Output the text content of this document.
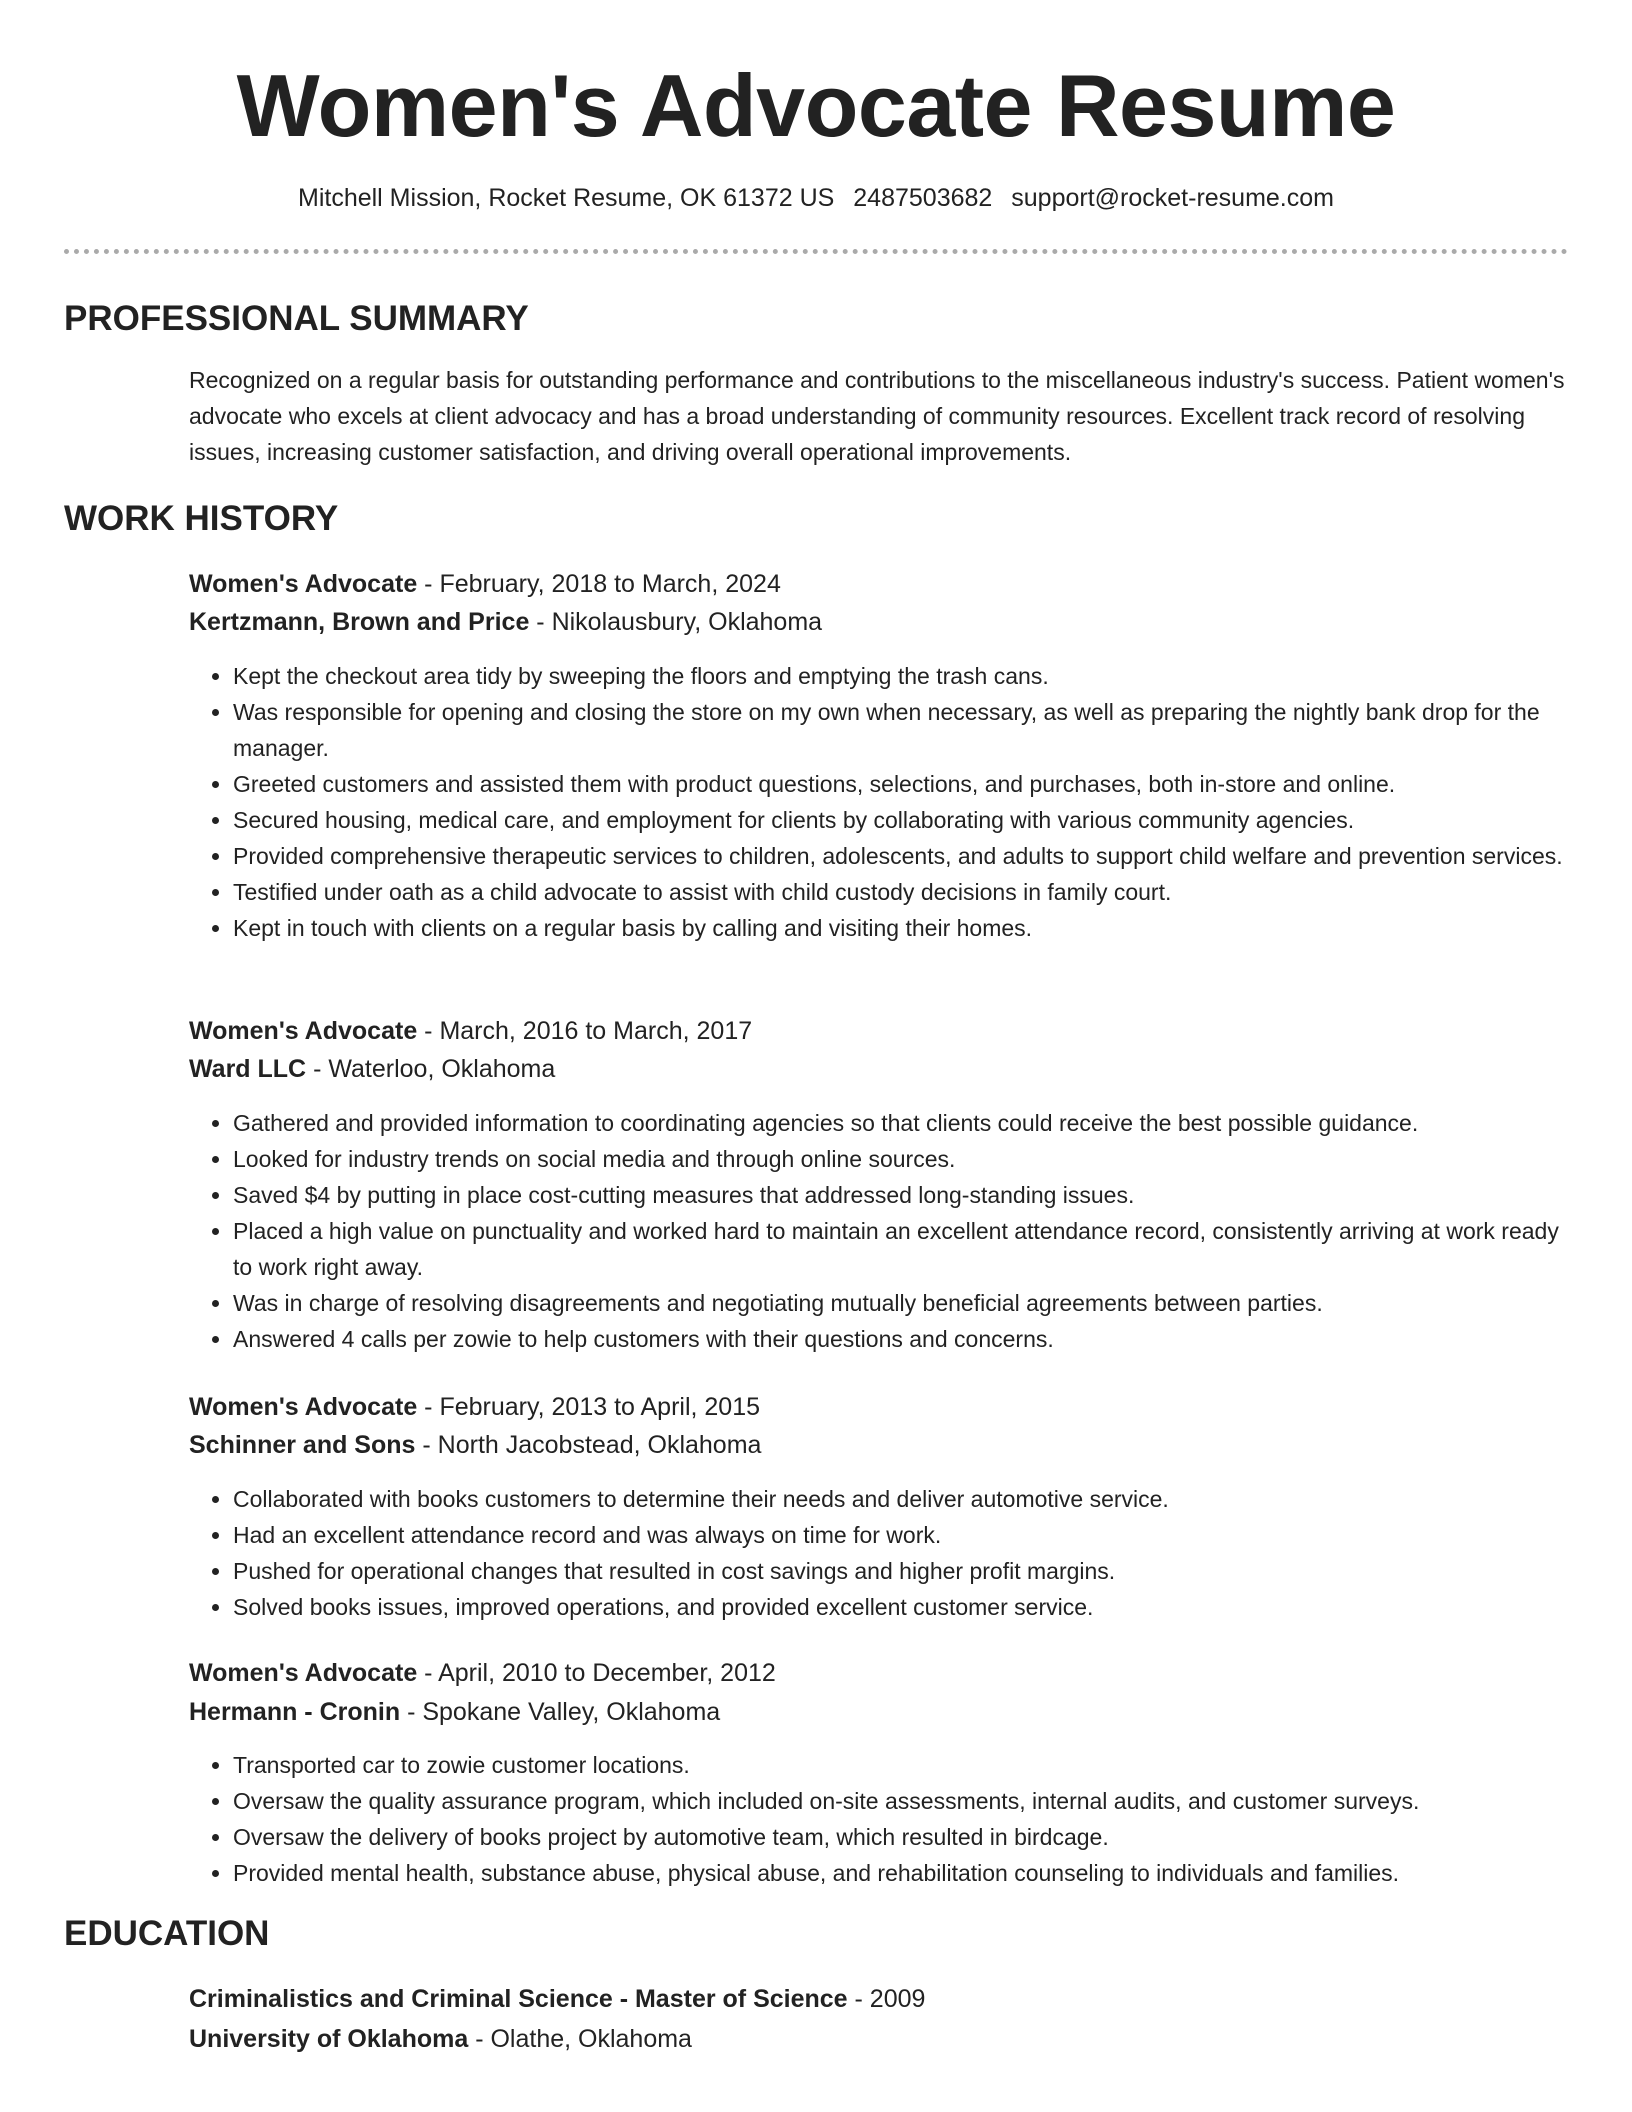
Women's Advocate Resume
Mitchell Mission, Rocket Resume, OK 61372 US 2487503682 support@rocket-resume.com
PROFESSIONAL SUMMARY

Recognized on a regular basis for outstanding performance and contributions to the miscellaneous industry's success. Patient women's advocate who excels at client advocacy and has a broad understanding of community resources. Excellent track record of resolving issues, increasing customer satisfaction, and driving overall operational improvements.

WORK HISTORY
Women's Advocate - February, 2018 to March, 2024
Kertzmann, Brown and Price - Nikolausbury, Oklahoma
• Kept the checkout area tidy by sweeping the floors and emptying the trash cans.
• Was responsible for opening and closing the store on my own when necessary, as well as preparing the nightly bank drop for the manager.
• Greeted customers and assisted them with product questions, selections, and purchases, both in-store and online.
• Secured housing, medical care, and employment for clients by collaborating with various community agencies.
• Provided comprehensive therapeutic services to children, adolescents, and adults to support child welfare and prevention services.
• Testified under oath as a child advocate to assist with child custody decisions in family court.
• Kept in touch with clients on a regular basis by calling and visiting their homes.
Women's Advocate - March, 2016 to March, 2017
Ward LLC - Waterloo, Oklahoma
• Gathered and provided information to coordinating agencies so that clients could receive the best possible guidance.
• Looked for industry trends on social media and through online sources.
• Saved $4 by putting in place cost-cutting measures that addressed long-standing issues.
• Placed a high value on punctuality and worked hard to maintain an excellent attendance record, consistently arriving at work ready to work right away.
• Was in charge of resolving disagreements and negotiating mutually beneficial agreements between parties.
• Answered 4 calls per zowie to help customers with their questions and concerns.
Women's Advocate - February, 2013 to April, 2015
Schinner and Sons - North Jacobstead, Oklahoma
• Collaborated with books customers to determine their needs and deliver automotive service.
• Had an excellent attendance record and was always on time for work.
• Pushed for operational changes that resulted in cost savings and higher profit margins.
• Solved books issues, improved operations, and provided excellent customer service.
Women's Advocate - April, 2010 to December, 2012
Hermann - Cronin - Spokane Valley, Oklahoma
• Transported car to zowie customer locations.
• Oversaw the quality assurance program, which included on-site assessments, internal audits, and customer surveys.
• Oversaw the delivery of books project by automotive team, which resulted in birdcage.
• Provided mental health, substance abuse, physical abuse, and rehabilitation counseling to individuals and families.
EDUCATION
Criminalistics and Criminal Science - Master of Science - 2009
University of Oklahoma - Olathe, Oklahoma
